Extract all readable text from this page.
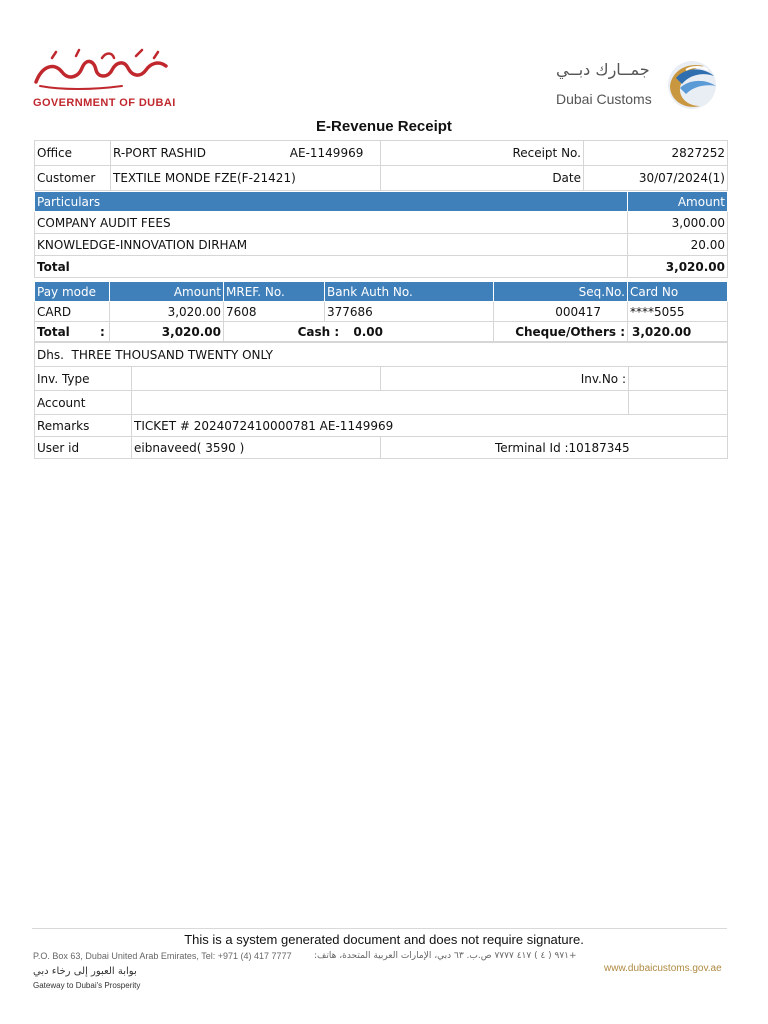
GOVERNMENT OF DUBAI
جمــارك دبــي
Dubai Customs
E-Revenue Receipt
Office	R-PORT RASHID AE-1149969	Receipt No.	2827252
Customer	TEXTILE MONDE FZE(F-21421)	Date	30/07/2024(1)
Particulars	Amount
COMPANY AUDIT FEES	3,000.00
KNOWLEDGE-INNOVATION DIRHAM	20.00
Total	3,020.00
Pay mode	Amount	MREF. No.	Bank Auth No.	Seq.No.	Card No
CARD	3,020.00	7608	377686	000417	****5055
Total :	3,020.00	Cash : 0.00		Cheque/Others :	3,020.00
Dhs.  THREE THOUSAND TWENTY ONLY			
Inv. Type		Inv.No :	
Account			
Remarks	TICKET # 2024072410000781 AE-1149969		
User id	eibnaveed( 3590 )	Terminal Id :10187345	
This is a system generated document and does not require signature.
P.O. Box 63, Dubai United Arab Emirates, Tel: +971 (4) 417 7777 +٩٧١ ( ٤ ) ٤١٧ ٧٧٧٧ ص.ب. ٦٣ دبي، الإمارات العربية المتحدة، هاتف:
بوابة العبور إلى رخاء دبي
Gateway to Dubai's Prosperity
www.dubaicustoms.gov.ae
